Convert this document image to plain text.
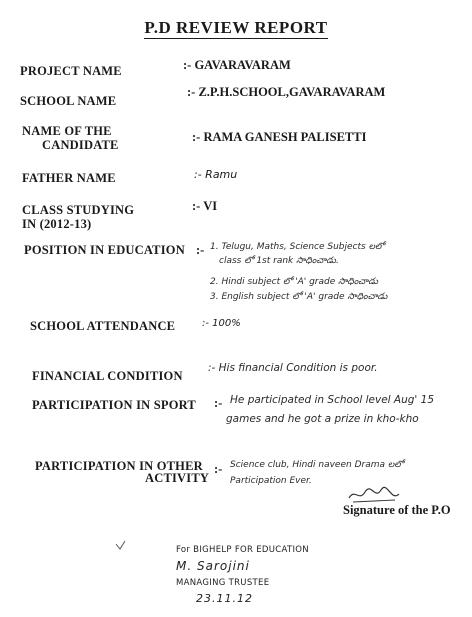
P.D REVIEW REPORT
PROJECT NAME	:- GAVARAVARAM
SCHOOL NAME
:- Z.P.H.SCHOOL,GAVARAVARAM
NAME OF THE
CANDIDATE
:- RAMA GANESH PALISETTI
FATHER NAME	:- Ramu
CLASS STUDYING
IN (2012-13)
:- VI
POSITION IN EDUCATION :- 1. Telugu, Maths, Science Subjects లలో
class లో 1st rank సాధించాడు.
2. Hindi subject లో 'A' grade సాధించాడు
3. English subject లో 'A' grade సాధించాడు
SCHOOL ATTENDANCE	:- 100%
FINANCIAL CONDITION
:- His financial Condition is poor.
PARTICIPATION IN SPORT :- He participated in School level Aug' 15
games and he got a prize in kho-kho
PARTICIPATION IN OTHER
ACTIVITY
:- Science club, Hindi naveen Drama లలో
Participation Ever.
Signature of the P.O
For BIGHELP FOR EDUCATION
M. Sarojini
MANAGING TRUSTEE
23.11.12
